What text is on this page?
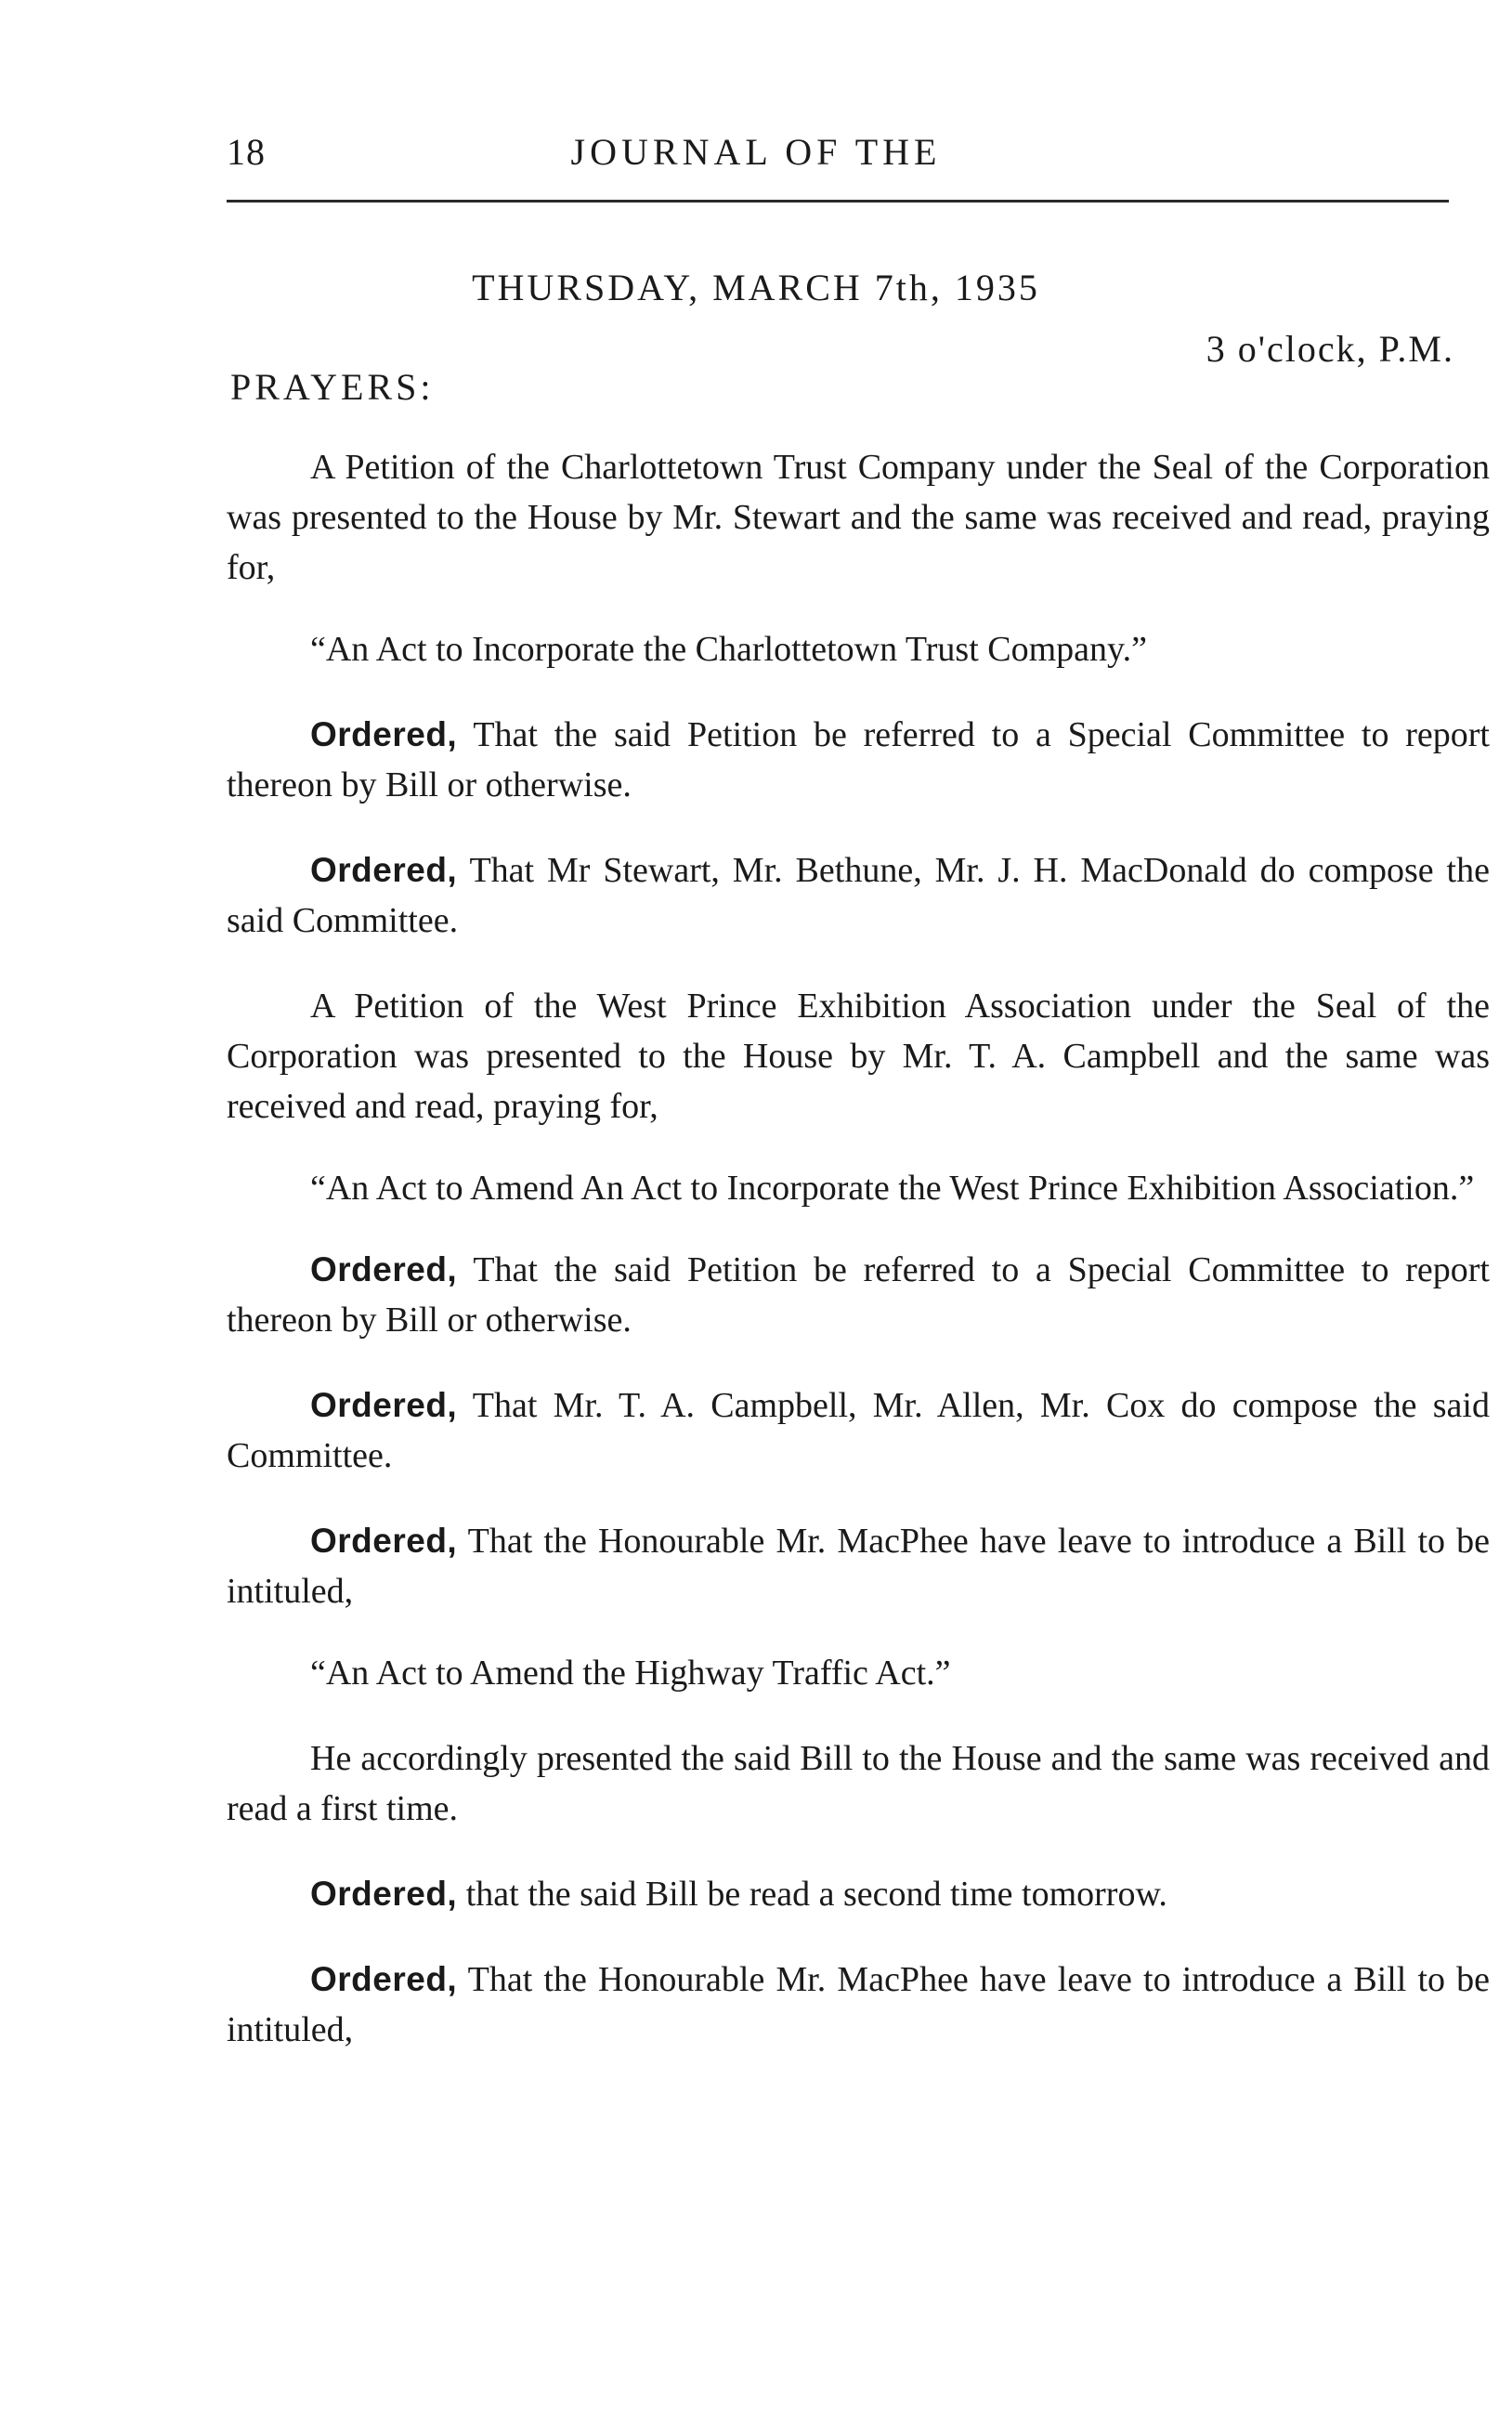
18	JOURNAL OF THE
THURSDAY, MARCH 7th, 1935
3 o'clock, P.M.
PRAYERS:

A Petition of the Charlottetown Trust Company under the Seal of the Corporation was presented to the House by Mr. Stewart and the same was received and read, praying for,

“An Act to Incorporate the Charlottetown Trust Company.”

Ordered, That the said Petition be referred to a Special Committee to report thereon by Bill or otherwise.

Ordered, That Mr Stewart, Mr. Bethune, Mr. J. H. MacDonald do compose the said Committee.

A Petition of the West Prince Exhibition Association under the Seal of the Corporation was presented to the House by Mr. T. A. Campbell and the same was received and read, praying for,

“An Act to Amend An Act to Incorporate the West Prince Exhibition Association.”

Ordered, That the said Petition be referred to a Special Committee to report thereon by Bill or otherwise.

Ordered, That Mr. T. A. Campbell, Mr. Allen, Mr. Cox do compose the said Committee.

Ordered, That the Honourable Mr. MacPhee have leave to introduce a Bill to be intituled,

“An Act to Amend the Highway Traffic Act.”

He accordingly presented the said Bill to the House and the same was received and read a first time.

Ordered, that the said Bill be read a second time tomorrow.

Ordered, That the Honourable Mr. MacPhee have leave to introduce a Bill to be intituled,
